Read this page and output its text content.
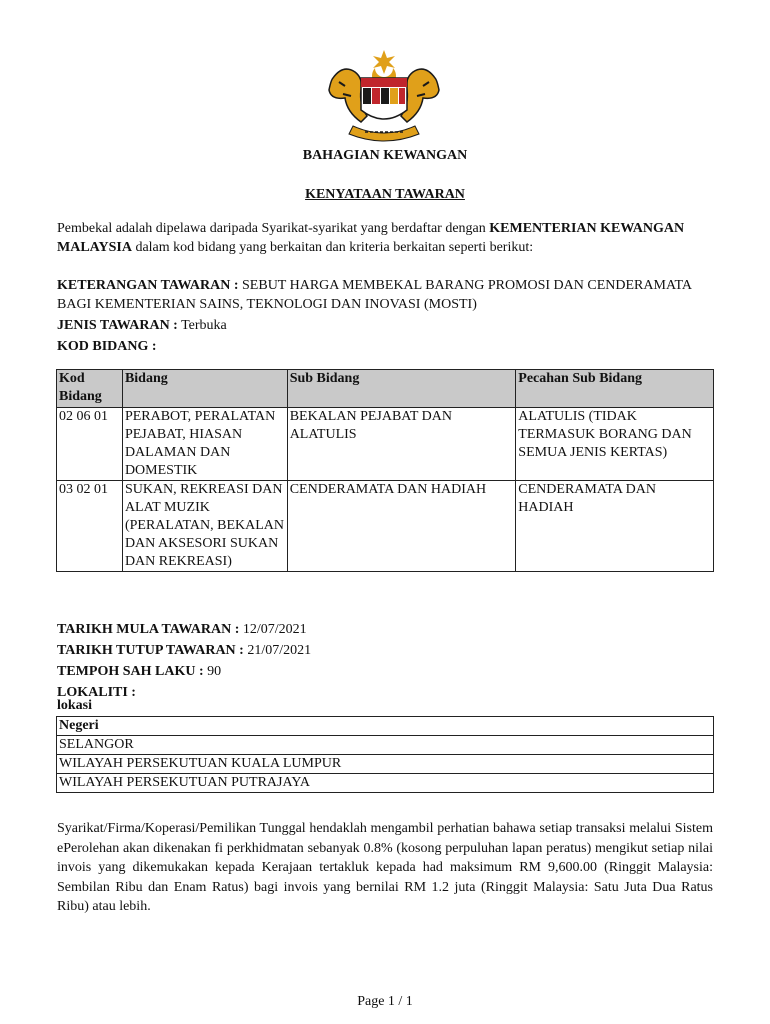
BAHAGIAN KEWANGAN
KENYATAAN TAWARAN
Pembekal adalah dipelawa daripada Syarikat-syarikat yang berdaftar dengan KEMENTERIAN KEWANGAN MALAYSIA dalam kod bidang yang berkaitan dan kriteria berkaitan seperti berikut:
KETERANGAN TAWARAN : SEBUT HARGA MEMBEKAL BARANG PROMOSI DAN CENDERAMATA BAGI KEMENTERIAN SAINS, TEKNOLOGI DAN INOVASI (MOSTI)
JENIS TAWARAN : Terbuka
KOD BIDANG :
Kod Bidang	Bidang	Sub Bidang	Pecahan Sub Bidang
02 06 01	PERABOT, PERALATAN PEJABAT, HIASAN DALAMAN DAN DOMESTIK	BEKALAN PEJABAT DAN ALATULIS	ALATULIS (TIDAK TERMASUK BORANG DAN SEMUA JENIS KERTAS)
03 02 01	SUKAN, REKREASI DAN ALAT MUZIK (PERALATAN, BEKALAN DAN AKSESORI SUKAN DAN REKREASI)	CENDERAMATA DAN HADIAH	CENDERAMATA DAN HADIAH
TARIKH MULA TAWARAN : 12/07/2021
TARIKH TUTUP TAWARAN : 21/07/2021
TEMPOH SAH LAKU : 90
LOKALITI :
lokasi
Negeri
SELANGOR
WILAYAH PERSEKUTUAN KUALA LUMPUR
WILAYAH PERSEKUTUAN PUTRAJAYA
Syarikat/Firma/Koperasi/Pemilikan Tunggal hendaklah mengambil perhatian bahawa setiap transaksi melalui Sistem ePerolehan akan dikenakan fi perkhidmatan sebanyak 0.8% (kosong perpuluhan lapan peratus) mengikut setiap nilai invois yang dikemukakan kepada Kerajaan tertakluk kepada had maksimum RM 9,600.00 (Ringgit Malaysia: Sembilan Ribu dan Enam Ratus) bagi invois yang bernilai RM 1.2 juta (Ringgit Malaysia: Satu Juta Dua Ratus Ribu) atau lebih.
Page 1 / 1
